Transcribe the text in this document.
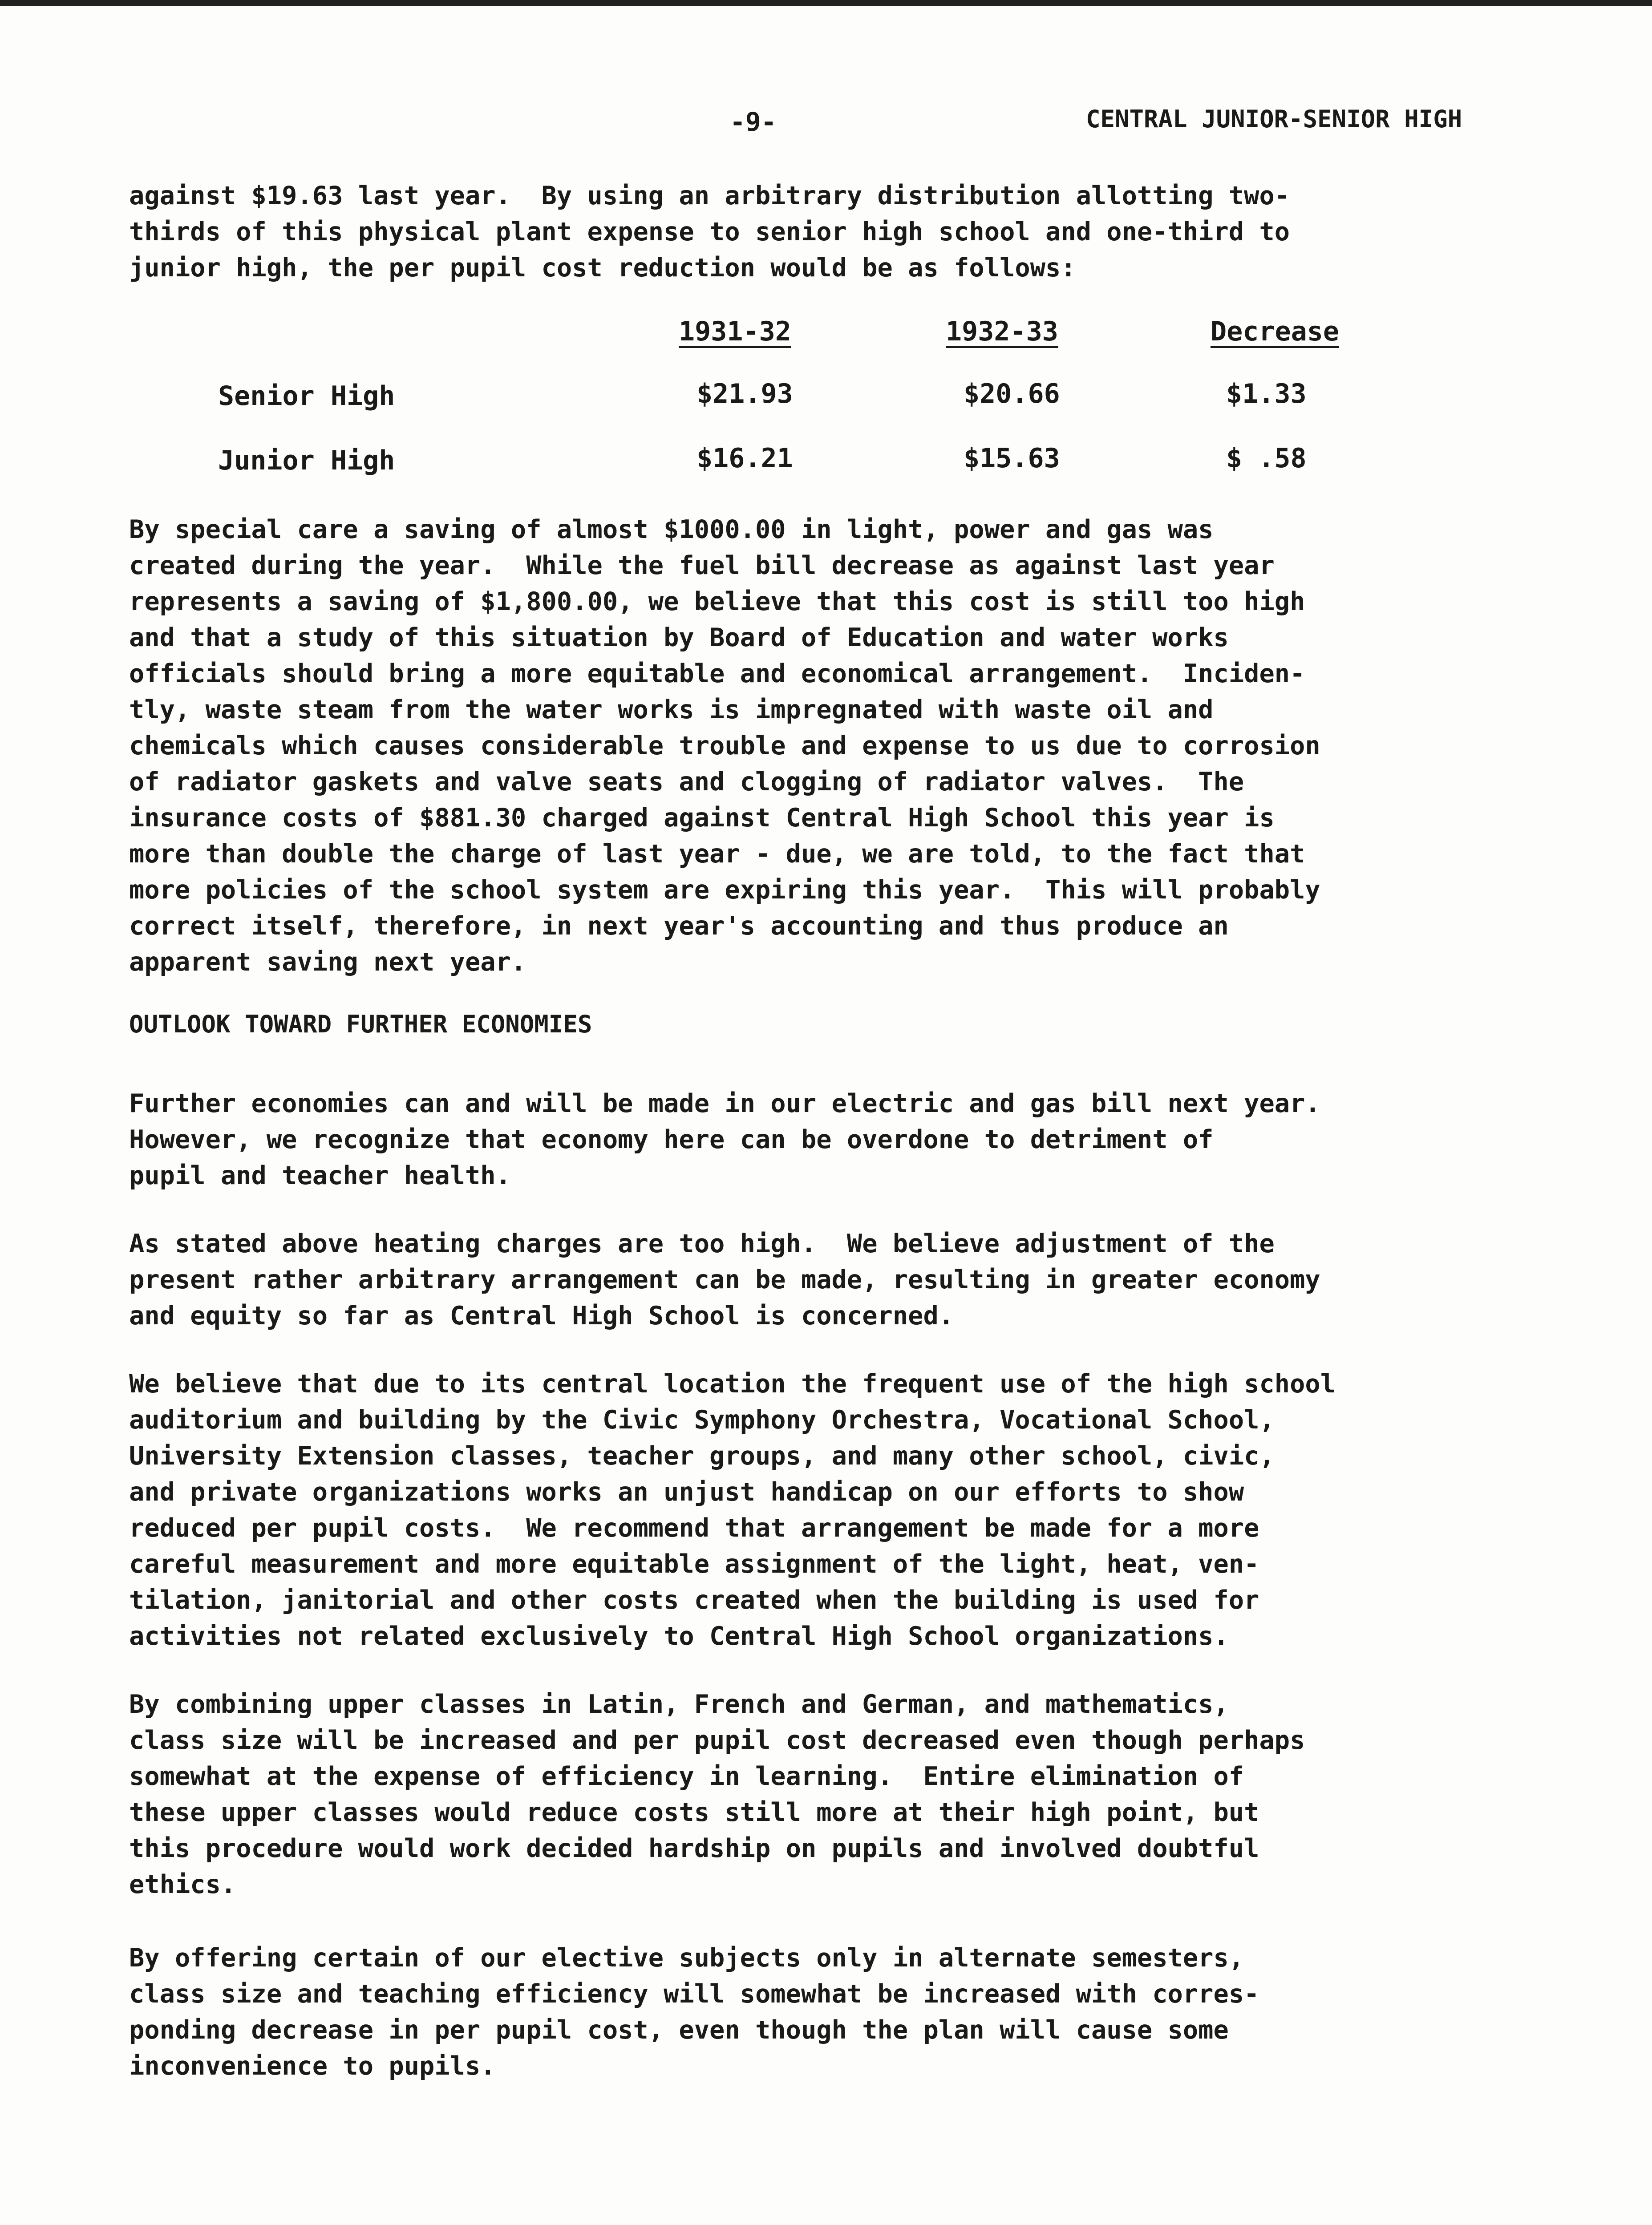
-9-	CENTRAL JUNIOR-SENIOR HIGH

against $19.63 last year.  By using an arbitrary distribution allotting two-
thirds of this physical plant expense to senior high school and one-third to
junior high, the per pupil cost reduction would be as follows:

1931-32	1932-33	Decrease
Senior High	$21.93	$20.66	$1.33
Junior High	$16.21	$15.63	$ .58

By special care a saving of almost $1000.00 in light, power and gas was
created during the year.  While the fuel bill decrease as against last year
represents a saving of $1,800.00, we believe that this cost is still too high
and that a study of this situation by Board of Education and water works
officials should bring a more equitable and economical arrangement.  Inciden-
tly, waste steam from the water works is impregnated with waste oil and
chemicals which causes considerable trouble and expense to us due to corrosion
of radiator gaskets and valve seats and clogging of radiator valves.  The
insurance costs of $881.30 charged against Central High School this year is
more than double the charge of last year - due, we are told, to the fact that
more policies of the school system are expiring this year.  This will probably
correct itself, therefore, in next year's accounting and thus produce an
apparent saving next year.

OUTLOOK TOWARD FURTHER ECONOMIES

Further economies can and will be made in our electric and gas bill next year.
However, we recognize that economy here can be overdone to detriment of
pupil and teacher health.

As stated above heating charges are too high.  We believe adjustment of the
present rather arbitrary arrangement can be made, resulting in greater economy
and equity so far as Central High School is concerned.

We believe that due to its central location the frequent use of the high school
auditorium and building by the Civic Symphony Orchestra, Vocational School,
University Extension classes, teacher groups, and many other school, civic,
and private organizations works an unjust handicap on our efforts to show
reduced per pupil costs.  We recommend that arrangement be made for a more
careful measurement and more equitable assignment of the light, heat, ven-
tilation, janitorial and other costs created when the building is used for
activities not related exclusively to Central High School organizations.

By combining upper classes in Latin, French and German, and mathematics,
class size will be increased and per pupil cost decreased even though perhaps
somewhat at the expense of efficiency in learning.  Entire elimination of
these upper classes would reduce costs still more at their high point, but
this procedure would work decided hardship on pupils and involved doubtful
ethics.

By offering certain of our elective subjects only in alternate semesters,
class size and teaching efficiency will somewhat be increased with corres-
ponding decrease in per pupil cost, even though the plan will cause some
inconvenience to pupils.
